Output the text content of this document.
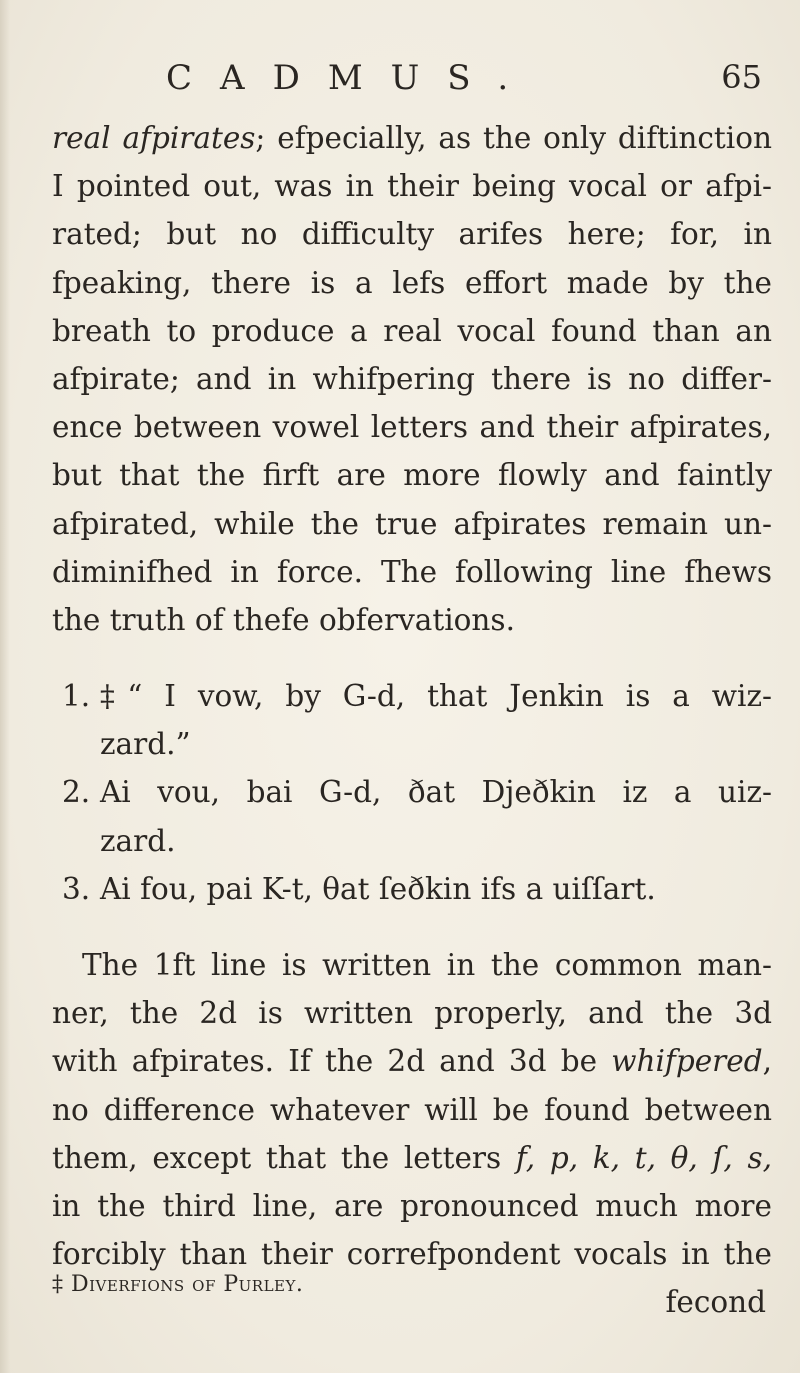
CADMUS.	65
real afpirates; efpecially, as the only diftinction
I pointed out, was in their being vocal or afpi-
rated; but no difficulty arifes here; for, in
fpeaking, there is a lefs effort made by the
breath to produce a real vocal found than an
afpirate; and in whifpering there is no differ-
ence between vowel letters and their afpirates,
but that the firft are more flowly and faintly
afpirated, while the true afpirates remain un-
diminifhed in force. The following line fhews
the truth of thefe obfervations.
1. ‡“ I vow, by G-d, that Jenkin is a wiz-
zard.”
2. Ai vou, bai G-d, ðat Djeðkin iz a uiz-
zard.
3. Ai fou, pai K-t, θat ſeðkin ifs a uiſſart.
The 1ft line is written in the common man-
ner, the 2d is written properly, and the 3d
with afpirates. If the 2d and 3d be whifpered,
no difference whatever will be found between
them, except that the letters f, p, k, t, θ, ſ, s,
in the third line, are pronounced much more
forcibly than their correfpondent vocals in the
fecond
‡ Diverfions of Purley.
